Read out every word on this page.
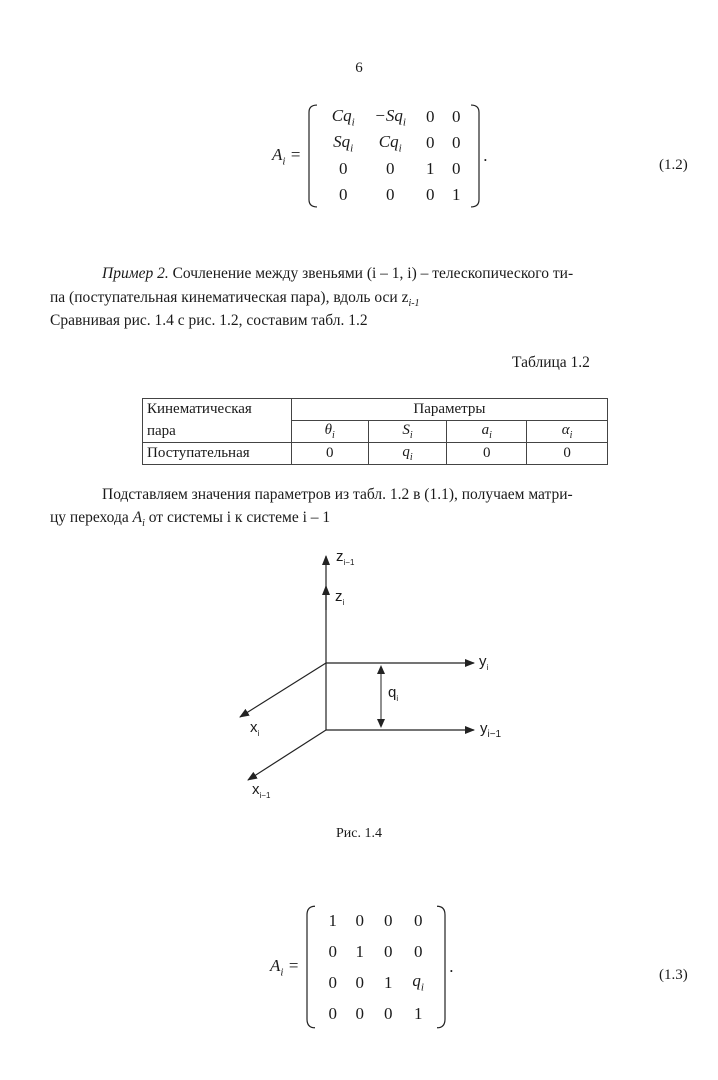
6
$A_i$ =
$Cq_i$	$-Sq_i$	0	0
$Sq_i$	$Cq_i$	0	0
0	0	1	0
0	0	0	1
.	(1.2)
Пример 2. Сочленение между звеньями (i – 1, i) – телескопического ти-
па (поступательная кинематическая пара), вдоль оси $z_{i-1}$
Сравнивая рис. 1.4 с рис. 1.2, составим табл. 1.2
Таблица 1.2
Кинематическая	Параметры			
пара	$\theta_i$	$S_i$	$a_i$	$\alpha_i$
Поступательная	0	$q_i$	0	0
Подставляем значения параметров из табл. 1.2 в (1.1), получаем матри-
цу перехода $A_i$ от системы i к системе i – 1
$z_{i-1}$
$z_i$
$y_i$
$y_{i-1}$
$x_i$
$x_{i-1}$
$q_i$
Рис. 1.4
$A_i$ =
1	0	0	0
0	1	0	0
0	0	1	$q_i$
0	0	0	1
.	(1.3)
